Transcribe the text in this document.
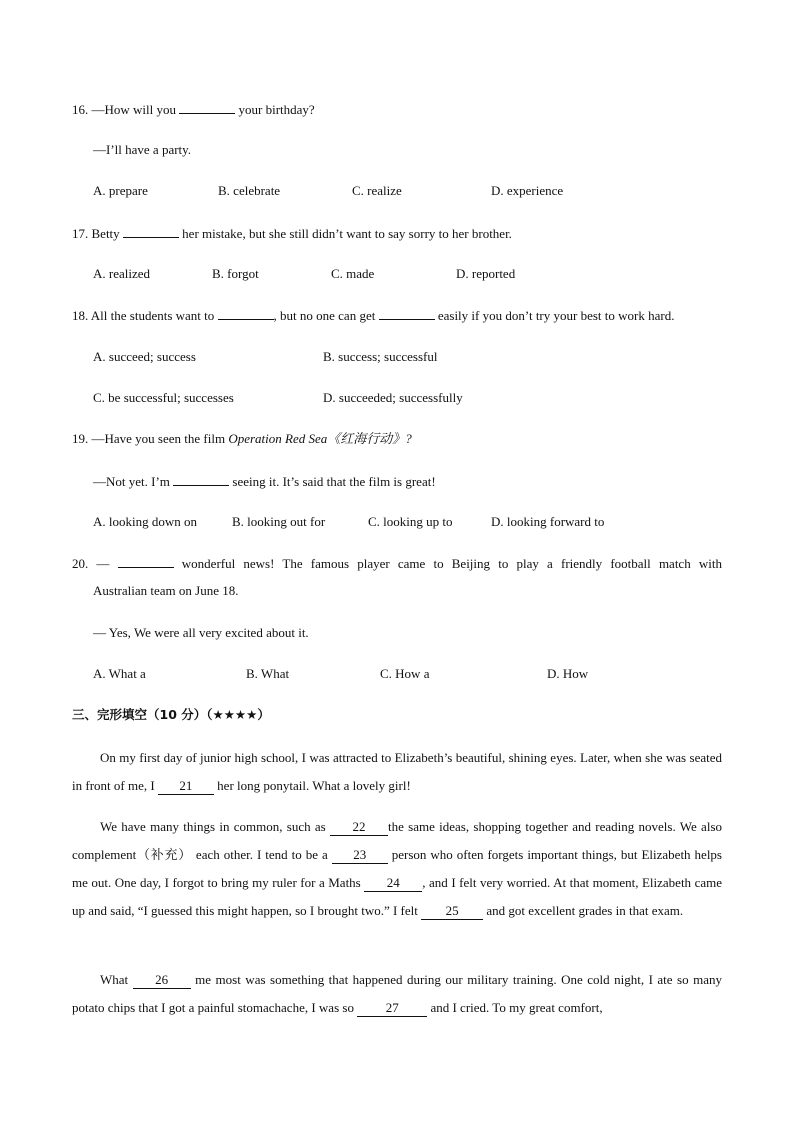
16. —How will you	your birthday?
—I’ll have a party.
A. prepare	B. celebrate	C. realize	D. experience
17. Betty	her mistake, but she still didn’t want to say sorry to her brother.
A. realized	B. forgot	C. made	D. reported
18. All the students want to	, but no one can get	easily if you don’t try your best to work hard.
A. succeed; success	B. success; successful
C. be successful; successes	D. succeeded; successfully
19. —Have you seen the film Operation Red Sea《红海行动》?
—Not yet. I’m	seeing it. It’s said that the film is great!
A. looking down on	B. looking out for	C. looking up to	D. looking forward to
20. —	wonderful news! The famous player came to Beijing to play a friendly football match with
Australian team on June 18.
— Yes, We were all very excited about it.
A. What a	B. What	C. How a	D. How
三、完形填空（10 分）（★★★★）
On my first day of junior high school, I was attracted to Elizabeth’s beautiful, shining eyes. Later, when she was seated in front of me, I 21 her long ponytail. What a lovely girl!
We have many things in common, such as 22 the same ideas, shopping together and reading novels. We also complement（补充） each other. I tend to be a 23 person who often forgets important things, but Elizabeth helps me out. One day, I forgot to bring my ruler for a Maths 24 , and I felt very worried. At that moment, Elizabeth came up and said, “I guessed this might happen, so I brought two.” I felt 25 and got excellent grades in that exam.
What 26 me most was something that happened during our military training. One cold night, I ate so many potato chips that I got a painful stomachache, I was so 27 and I cried. To my great comfort,
